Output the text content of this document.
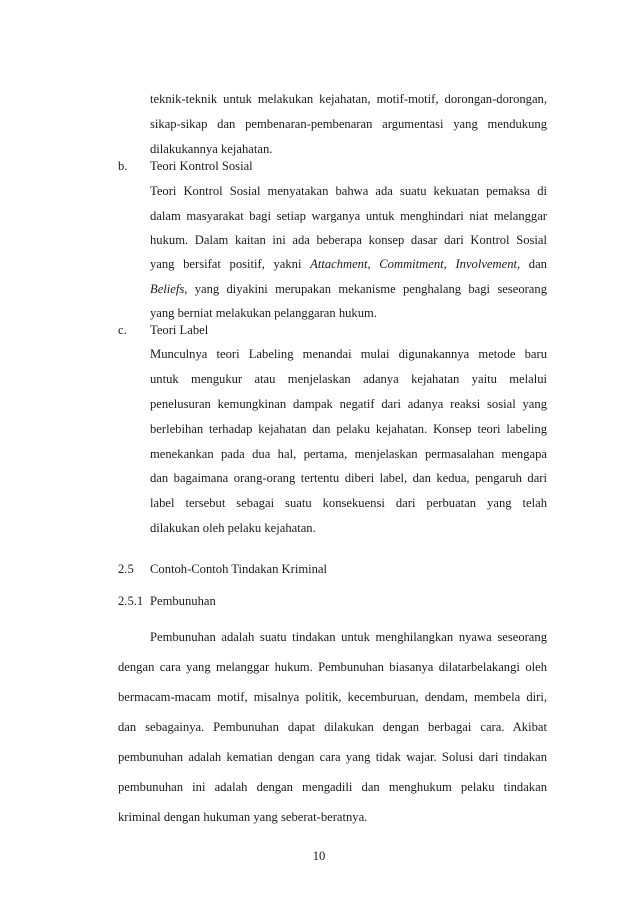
teknik-teknik untuk melakukan kejahatan, motif-motif, dorongan-dorongan,
sikap-sikap dan pembenaran-pembenaran argumentasi yang mendukung
dilakukannya kejahatan.
b. Teori Kontrol Sosial
Teori Kontrol Sosial menyatakan bahwa ada suatu kekuatan pemaksa di
dalam masyarakat bagi setiap warganya untuk menghindari niat melanggar
hukum. Dalam kaitan ini ada beberapa konsep dasar dari Kontrol Sosial
yang bersifat positif, yakni Attachment, Commitment, Involvement, dan
Beliefs, yang diyakini merupakan mekanisme penghalang bagi seseorang
yang berniat melakukan pelanggaran hukum.
c. Teori Label
Munculnya teori Labeling menandai mulai digunakannya metode baru
untuk mengukur atau menjelaskan adanya kejahatan yaitu melalui
penelusuran kemungkinan dampak negatif dari adanya reaksi sosial yang
berlebihan terhadap kejahatan dan pelaku kejahatan. Konsep teori labeling
menekankan pada dua hal, pertama, menjelaskan permasalahan mengapa
dan bagaimana orang-orang tertentu diberi label, dan kedua, pengaruh dari
label tersebut sebagai suatu konsekuensi dari perbuatan yang telah
dilakukan oleh pelaku kejahatan.
2.5 Contoh-Contoh Tindakan Kriminal
2.5.1 Pembunuhan
Pembunuhan adalah suatu tindakan untuk menghilangkan nyawa seseorang
dengan cara yang melanggar hukum. Pembunuhan biasanya dilatarbelakangi oleh
bermacam-macam motif, misalnya politik, kecemburuan, dendam, membela diri,
dan sebagainya. Pembunuhan dapat dilakukan dengan berbagai cara. Akibat
pembunuhan adalah kematian dengan cara yang tidak wajar. Solusi dari tindakan
pembunuhan ini adalah dengan mengadili dan menghukum pelaku tindakan
kriminal dengan hukuman yang seberat-beratnya.
10
